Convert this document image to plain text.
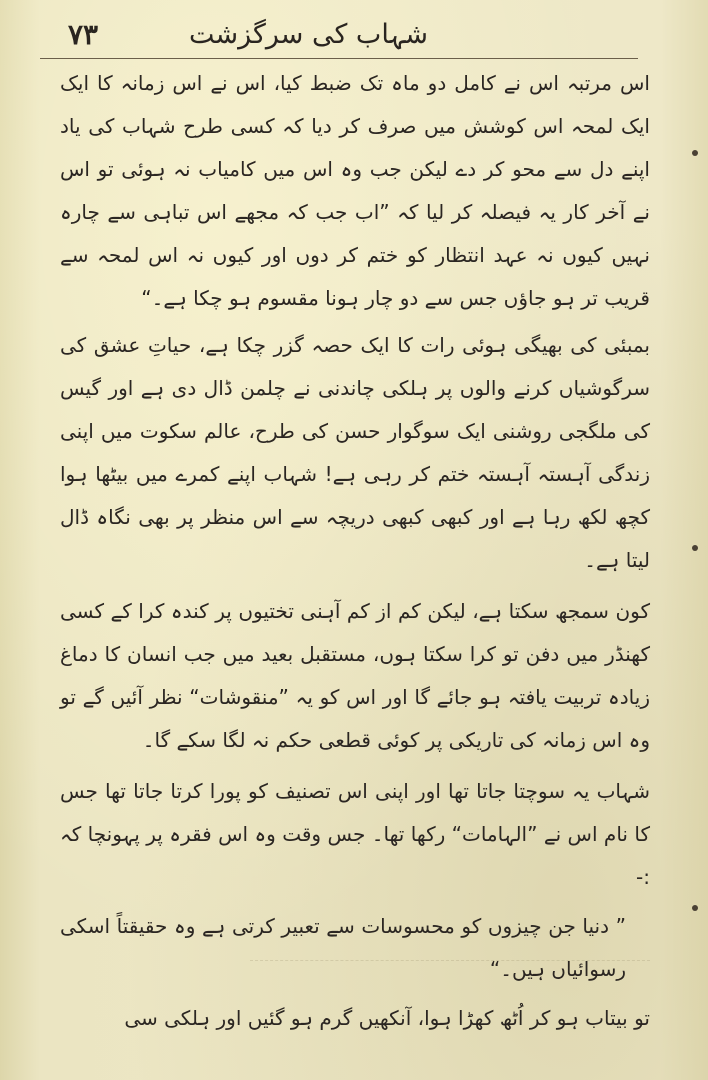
٧٣	شہاب کی سرگزشت

اس مرتبہ اس نے کامل دو ماہ تک ضبط کیا، اس نے اس زمانہ کا ایک ایک لمحہ اس کوشش میں صرف کر دیا کہ کسی طرح شہاب کی یاد اپنے دل سے محو کر دے لیکن جب وہ اس میں کامیاب نہ ہوئی تو اس نے آخر کار یہ فیصلہ کر لیا کہ ”اب جب کہ مجھے اس تباہی سے چارہ نہیں کیوں نہ عہد انتظار کو ختم کر دوں اور کیوں نہ اس لمحہ سے قریب تر ہو جاؤں جس سے دو چار ہونا مقسوم ہو چکا ہے۔“

بمبئی کی بھیگی ہوئی رات کا ایک حصہ گزر چکا ہے، حیاتِ عشق کی سرگوشیاں کرنے والوں پر ہلکی چاندنی نے چلمن ڈال دی ہے اور گیس کی ملگجی روشنی ایک سوگوار حسن کی طرح، عالم سکوت میں اپنی زندگی آہستہ آہستہ ختم کر رہی ہے! شہاب اپنے کمرے میں بیٹھا ہوا کچھ لکھ رہا ہے اور کبھی کبھی دریچہ سے اس منظر پر بھی نگاہ ڈال لیتا ہے۔

کون سمجھ سکتا ہے، لیکن کم از کم آہنی تختیوں پر کندہ کرا کے کسی کھنڈر میں دفن تو کرا سکتا ہوں، مستقبل بعید میں جب انسان کا دماغ زیادہ تربیت یافتہ ہو جائے گا اور اس کو یہ ”منقوشات“ نظر آئیں گے تو وہ اس زمانہ کی تاریکی پر کوئی قطعی حکم نہ لگا سکے گا۔

شہاب یہ سوچتا جاتا تھا اور اپنی اس تصنیف کو پورا کرتا جاتا تھا جس کا نام اس نے ”الہامات“ رکھا تھا۔ جس وقت وہ اس فقرہ پر پہونچا کہ :-

” دنیا جن چیزوں کو محسوسات سے تعبیر کرتی ہے وہ حقیقتاً اسکی رسوائیاں ہیں۔“

تو بیتاب ہو کر اُٹھ کھڑا ہوا، آنکھیں گرم ہو گئیں اور ہلکی سی
